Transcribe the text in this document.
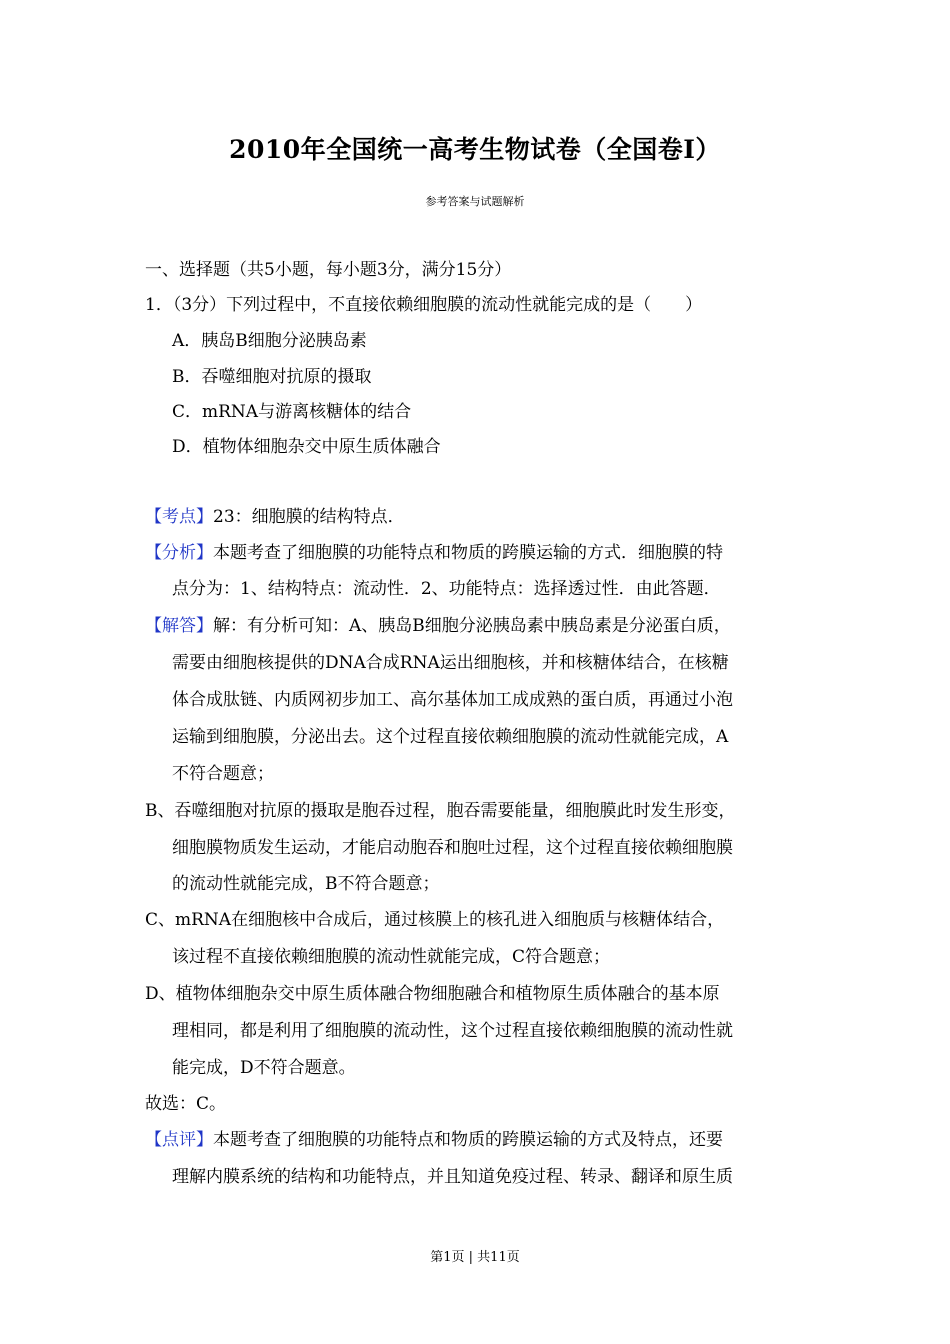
2010年全国统一高考生物试卷（全国卷Ⅰ）
参考答案与试题解析
一、选择题（共5小题，每小题3分，满分15分）
1．（3分）下列过程中，不直接依赖细胞膜的流动性就能完成的是（　　）
A．胰岛B细胞分泌胰岛素
B．吞噬细胞对抗原的摄取
C．mRNA与游离核糖体的结合
D．植物体细胞杂交中原生质体融合
【考点】23：细胞膜的结构特点．
【分析】本题考查了细胞膜的功能特点和物质的跨膜运输的方式．细胞膜的特
点分为：1、结构特点：流动性．2、功能特点：选择透过性．由此答题．
【解答】解：有分析可知：A、胰岛B细胞分泌胰岛素中胰岛素是分泌蛋白质，
需要由细胞核提供的DNA合成RNA运出细胞核，并和核糖体结合，在核糖
体合成肽链、内质网初步加工、高尔基体加工成成熟的蛋白质，再通过小泡
运输到细胞膜，分泌出去。这个过程直接依赖细胞膜的流动性就能完成，A
不符合题意；
B、吞噬细胞对抗原的摄取是胞吞过程，胞吞需要能量，细胞膜此时发生形变，
细胞膜物质发生运动，才能启动胞吞和胞吐过程，这个过程直接依赖细胞膜
的流动性就能完成，B不符合题意；
C、mRNA在细胞核中合成后，通过核膜上的核孔进入细胞质与核糖体结合，
该过程不直接依赖细胞膜的流动性就能完成，C符合题意；
D、植物体细胞杂交中原生质体融合物细胞融合和植物原生质体融合的基本原
理相同，都是利用了细胞膜的流动性，这个过程直接依赖细胞膜的流动性就
能完成，D不符合题意。
故选：C。
【点评】本题考查了细胞膜的功能特点和物质的跨膜运输的方式及特点，还要
理解内膜系统的结构和功能特点，并且知道免疫过程、转录、翻译和原生质
第1页 | 共11页
